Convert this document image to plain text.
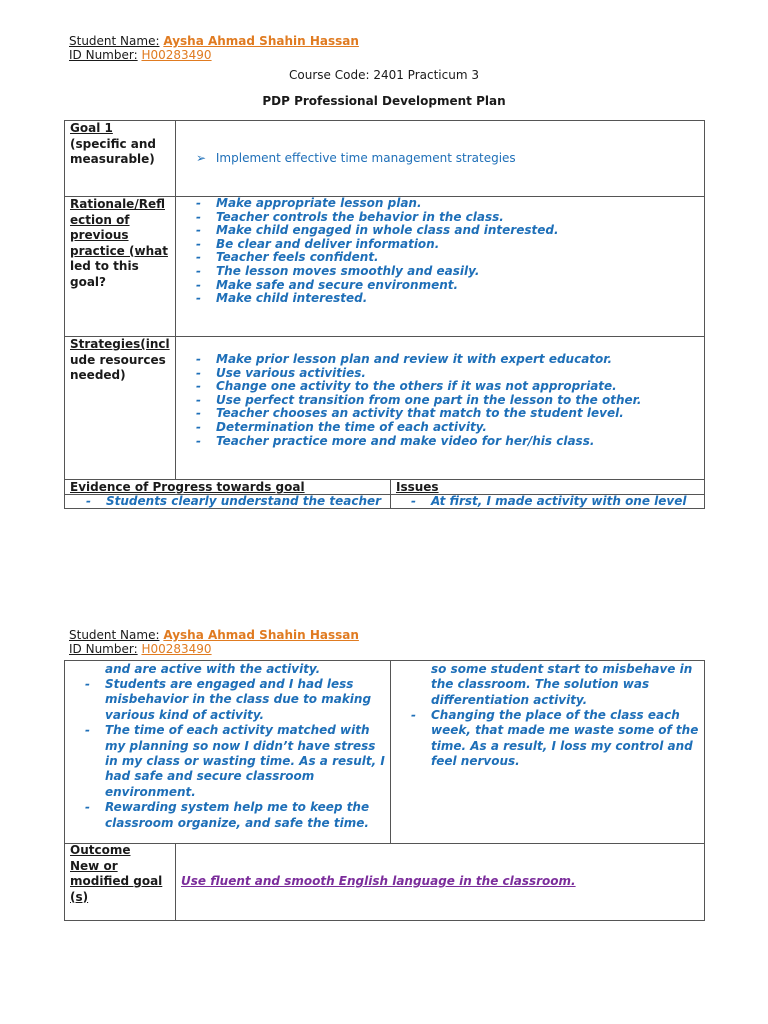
Student Name: Aysha Ahmad Shahin Hassan
ID Number: H00283490
Course Code: 2401 Practicum 3
PDP Professional Development Plan
Goal 1
(specific and
measurable)	➢ Implement effective time management strategies
Rationale/Refl
ection of
previous
practice (what
led to this
goal?
- Make appropriate lesson plan.
- Teacher controls the behavior in the class.
- Make child engaged in whole class and interested.
- Be clear and deliver information.
- Teacher feels confident.
- The lesson moves smoothly and easily.
- Make safe and secure environment.
- Make child interested.
Strategies(incl
ude resources
needed)
- Make prior lesson plan and review it with expert educator.
- Use various activities.
- Change one activity to the others if it was not appropriate.
- Use perfect transition from one part in the lesson to the other.
- Teacher chooses an activity that match to the student level.
- Determination the time of each activity.
- Teacher practice more and make video for her/his class.
Evidence of Progress towards goal	Issues
- Students clearly understand the teacher
-	At first, I made activity with one level
Student Name: Aysha Ahmad Shahin Hassan
ID Number: H00283490
and are active with the activity.
- Students are engaged and I had less misbehavior in the class due to making various kind of activity.
- The time of each activity matched with my planning so now I didn’t have stress in my class or wasting time. As a result, I had safe and secure classroom environment.
- Rewarding system help me to keep the classroom organize, and safe the time.
so some student start to misbehave in the classroom. The solution was differentiation activity.
- Changing the place of the class each week, that made me waste some of the time. As a result, I loss my control and feel nervous.
Outcome
New or
modified goal
(s)
Use fluent and smooth English language in the classroom.
